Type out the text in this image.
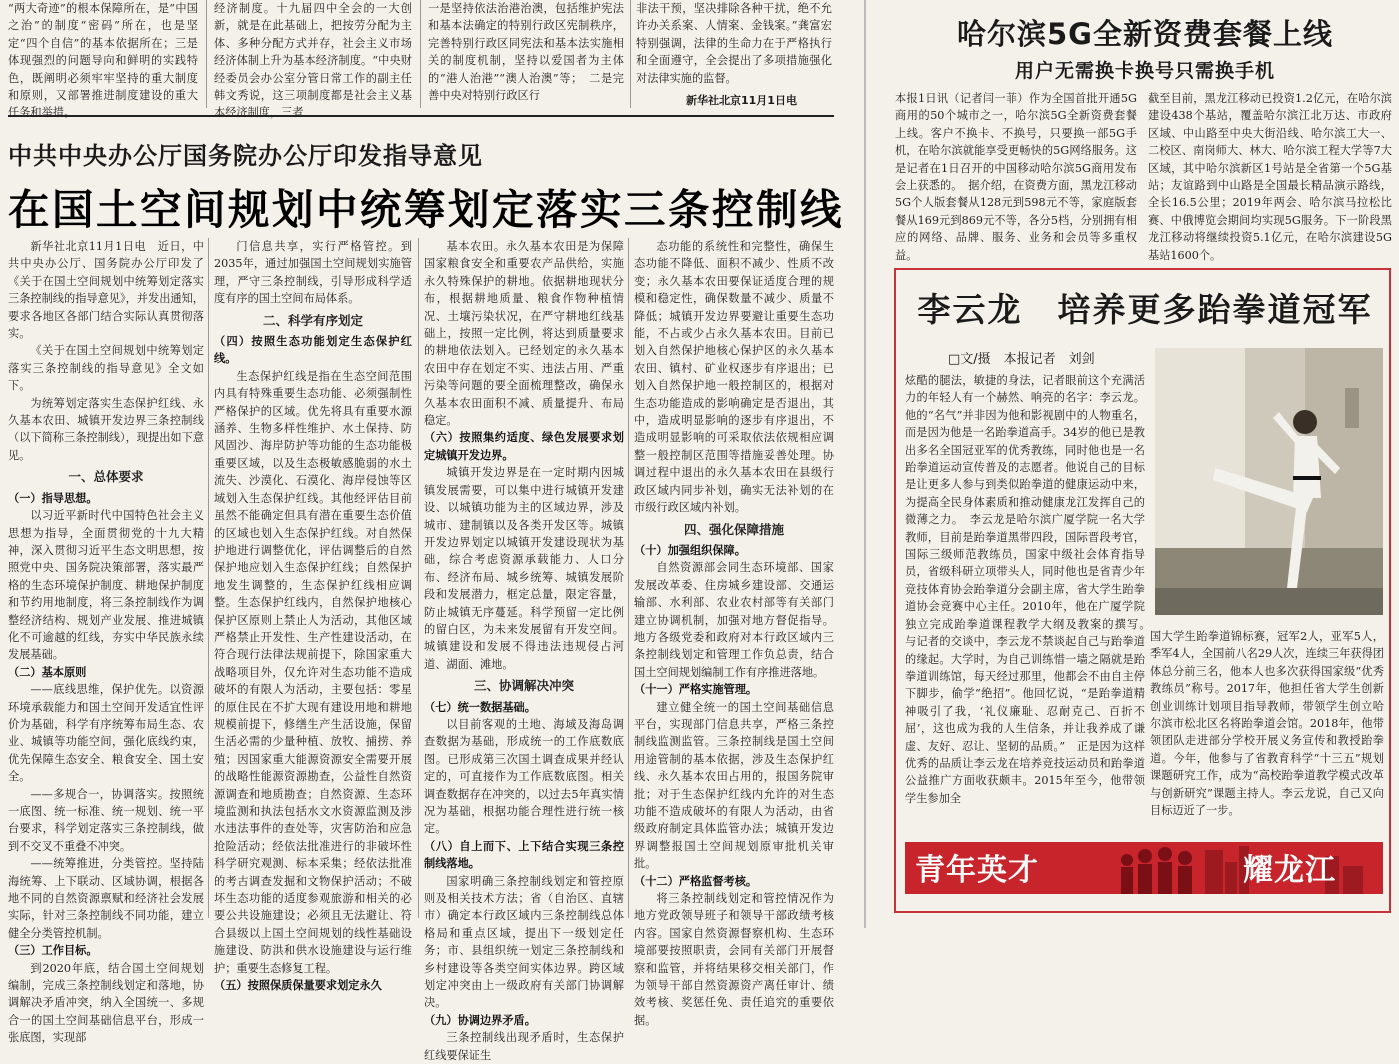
“两大奇迹”的根本保障所在，是“中国之治”的制度“密码”所在，也是坚定“四个自信”的基本依据所在；三是体现强烈的问题导向和鲜明的实践特色，既阐明必须牢牢坚持的重大制度和原则，又部署推进制度建设的重大任务和举措。
经济制度。十九届四中全会的一大创新，就是在此基础上，把按劳分配为主体、多种分配方式并存，社会主义市场经济体制上升为基本经济制度。“中央财经委员会办公室分管日常工作的副主任韩文秀说，这三项制度都是社会主义基本经济制度，三者
一是坚持依法治港治澳，包括维护宪法和基本法确定的特别行政区宪制秩序，完善特别行政区同宪法和基本法实施相关的制度机制，坚持以爱国者为主体的“港人治港”“澳人治澳”等；　二是完善中央对特别行政区行
非法干预，坚决排除各种干扰，绝不允许办关系案、人情案、金钱案。”龚富宏特别强调，法律的生命力在于严格执行和全面遵守，全会提出了多项措施强化对法律实施的监督。
新华社北京11月1日电
中共中央办公厅国务院办公厅印发指导意见
在国土空间规划中统筹划定落实三条控制线

新华社北京11月1日电　近日，中共中央办公厅、国务院办公厅印发了《关于在国土空间规划中统筹划定落实三条控制线的指导意见》，并发出通知，要求各地区各部门结合实际认真贯彻落实。

《关于在国土空间规划中统筹划定落实三条控制线的指导意见》全文如下。

为统筹划定落实生态保护红线、永久基本农田、城镇开发边界三条控制线（以下简称三条控制线），现提出如下意见。

一、总体要求

（一）指导思想。

以习近平新时代中国特色社会主义思想为指导，全面贯彻党的十九大精神，深入贯彻习近平生态文明思想，按照党中央、国务院决策部署，落实最严格的生态环境保护制度、耕地保护制度和节约用地制度，将三条控制线作为调整经济结构、规划产业发展、推进城镇化不可逾越的红线，夯实中华民族永续发展基础。

（二）基本原则

——底线思维，保护优先。以资源环境承载能力和国土空间开发适宜性评价为基础，科学有序统筹布局生态、农业、城镇等功能空间，强化底线约束，优先保障生态安全、粮食安全、国土安全。

——多规合一，协调落实。按照统一底图、统一标准、统一规划、统一平台要求，科学划定落实三条控制线，做到不交叉不重叠不冲突。

——统筹推进，分类管控。坚持陆海统筹、上下联动、区域协调，根据各地不同的自然资源禀赋和经济社会发展实际，针对三条控制线不同功能，建立健全分类管控机制。

（三）工作目标。

到2020年底，结合国土空间规划编制，完成三条控制线划定和落地，协调解决矛盾冲突，纳入全国统一、多规合一的国土空间基础信息平台，形成一张底图，实现部

门信息共享，实行严格管控。到2035年，通过加强国土空间规划实施管理，严守三条控制线，引导形成科学适度有序的国土空间布局体系。

二、科学有序划定

（四）按照生态功能划定生态保护红线。

生态保护红线是指在生态空间范围内具有特殊重要生态功能、必须强制性严格保护的区域。优先将具有重要水源涵养、生物多样性维护、水土保持、防风固沙、海岸防护等功能的生态功能极重要区域，以及生态极敏感脆弱的水土流失、沙漠化、石漠化、海岸侵蚀等区域划入生态保护红线。其他经评估目前虽然不能确定但具有潜在重要生态价值的区域也划入生态保护红线。对自然保护地进行调整优化，评估调整后的自然保护地应划入生态保护红线；自然保护地发生调整的，生态保护红线相应调整。生态保护红线内，自然保护地核心保护区原则上禁止人为活动，其他区域严格禁止开发性、生产性建设活动，在符合现行法律法规前提下，除国家重大战略项目外，仅允许对生态功能不造成破坏的有限人为活动，主要包括：零星的原住民在不扩大现有建设用地和耕地规模前提下，修缮生产生活设施，保留生活必需的少量种植、放牧、捕捞、养殖；因国家重大能源资源安全需要开展的战略性能源资源勘查，公益性自然资源调查和地质勘查；自然资源、生态环境监测和执法包括水文水资源监测及涉水违法事件的查处等，灾害防治和应急抢险活动；经依法批准进行的非破坏性科学研究观测、标本采集；经依法批准的考古调查发掘和文物保护活动；不破坏生态功能的适度参观旅游和相关的必要公共设施建设；必须且无法避让、符合县级以上国土空间规划的线性基础设施建设、防洪和供水设施建设与运行维护；重要生态修复工程。

（五）按照保质保量要求划定永久

基本农田。永久基本农田是为保障国家粮食安全和重要农产品供给，实施永久特殊保护的耕地。依据耕地现状分布，根据耕地质量、粮食作物种植情况、土壤污染状况，在严守耕地红线基础上，按照一定比例，将达到质量要求的耕地依法划入。已经划定的永久基本农田中存在划定不实、违法占用、严重污染等问题的要全面梳理整改，确保永久基本农田面积不减、质量提升、布局稳定。

（六）按照集约适度、绿色发展要求划定城镇开发边界。

城镇开发边界是在一定时期内因城镇发展需要，可以集中进行城镇开发建设、以城镇功能为主的区域边界，涉及城市、建制镇以及各类开发区等。城镇开发边界划定以城镇开发建设现状为基础，综合考虑资源承载能力、人口分布、经济布局、城乡统筹、城镇发展阶段和发展潜力，框定总量，限定容量，防止城镇无序蔓延。科学预留一定比例的留白区，为未来发展留有开发空间。城镇建设和发展不得违法违规侵占河道、湖面、滩地。

三、协调解决冲突

（七）统一数据基础。

以目前客观的土地、海域及海岛调查数据为基础，形成统一的工作底数底图。已形成第三次国土调查成果并经认定的，可直接作为工作底数底图。相关调查数据存在冲突的，以过去5年真实情况为基础，根据功能合理性进行统一核定。

（八）自上而下、上下结合实现三条控制线落地。

国家明确三条控制线划定和管控原则及相关技术方法；省（自治区、直辖市）确定本行政区域内三条控制线总体格局和重点区域，提出下一级划定任务；市、县组织统一划定三条控制线和乡村建设等各类空间实体边界。跨区域划定冲突由上一级政府有关部门协调解决。

（九）协调边界矛盾。

三条控制线出现矛盾时，生态保护红线要保证生

态功能的系统性和完整性，确保生态功能不降低、面积不减少、性质不改变；永久基本农田要保证适度合理的规模和稳定性，确保数量不减少、质量不降低；城镇开发边界要避让重要生态功能，不占或少占永久基本农田。目前已划入自然保护地核心保护区的永久基本农田、镇村、矿业权逐步有序退出；已划入自然保护地一般控制区的，根据对生态功能造成的影响确定是否退出，其中，造成明显影响的逐步有序退出，不造成明显影响的可采取依法依规相应调整一般控制区范围等措施妥善处理。协调过程中退出的永久基本农田在县级行政区域内同步补划，确实无法补划的在市级行政区域内补划。

四、强化保障措施

（十）加强组织保障。

自然资源部会同生态环境部、国家发展改革委、住房城乡建设部、交通运输部、水利部、农业农村部等有关部门建立协调机制，加强对地方督促指导。地方各级党委和政府对本行政区域内三条控制线划定和管理工作负总责，结合国土空间规划编制工作有序推进落地。

（十一）严格实施管理。

建立健全统一的国土空间基础信息平台，实现部门信息共享，严格三条控制线监测监管。三条控制线是国土空间用途管制的基本依据，涉及生态保护红线、永久基本农田占用的，报国务院审批；对于生态保护红线内允许的对生态功能不造成破坏的有限人为活动，由省级政府制定具体监管办法；城镇开发边界调整报国土空间规划原审批机关审批。

（十二）严格监督考核。

将三条控制线划定和管控情况作为地方党政领导班子和领导干部政绩考核内容。国家自然资源督察机构、生态环境部要按照职责，会同有关部门开展督察和监管，并将结果移交相关部门，作为领导干部自然资源资产离任审计、绩效考核、奖惩任免、责任追究的重要依据。

哈尔滨5G全新资费套餐上线
用户无需换卡换号只需换手机
本报1日讯（记者闫一菲）作为全国首批开通5G商用的50个城市之一，哈尔滨5G全新资费套餐上线。客户不换卡、不换号，只要换一部5G手机，在哈尔滨就能享受更畅快的5G网络服务。这是记者在1日召开的中国移动哈尔滨5G商用发布会上获悉的。　据介绍，在资费方面，黑龙江移动5G个人版套餐从128元到598元不等，家庭版套餐从169元到869元不等，各分5档，分别拥有相应的网络、品牌、服务、业务和会员等多重权益。
截至目前，黑龙江移动已投资1.2亿元，在哈尔滨建设438个基站，覆盖哈尔滨江北万达、市政府区域、中山路至中央大街沿线、哈尔滨工大一、二校区、南岗师大、林大、哈尔滨工程大学等7大区域，其中哈尔滨新区1号站是全省第一个5G基站；友谊路到中山路是全国最长精品演示路线，全长16.5公里；2019年两会、哈尔滨马拉松比赛、中俄博览会期间均实现5G服务。下一阶段黑龙江移动将继续投资5.1亿元，在哈尔滨建设5G基站1600个。
李云龙　培养更多跆拳道冠军
□文/摄　本报记者　刘剑
炫酷的腿法，敏捷的身法，记者眼前这个充满活力的年轻人有一个赫然、响亮的名字：李云龙。他的“名气”并非因为他和影视剧中的人物重名，而是因为他是一名跆拳道高手。34岁的他已是教出多名全国冠亚军的优秀教练，同时他也是一名跆拳道运动宣传普及的志愿者。他说自己的目标是让更多人参与到类似跆拳道的健康运动中来，为提高全民身体素质和推动健康龙江发挥自己的微薄之力。　李云龙是哈尔滨广厦学院一名大学教师，目前是跆拳道黑带四段，国际晋段考官，国际三级师范教练员，国家中级社会体育指导员，省级科研立项带头人，同时他也是省青少年竞技体育协会跆拳道分会副主席，省大学生跆拳道协会竞赛中心主任。2010年，他在广厦学院独立完成跆拳道课程教学大纲及教案的撰写。　与记者的交谈中，李云龙不禁谈起自己与跆拳道的缘起。大学时，为自己训练惜一墙之隔就是跆拳道训练馆，每天经过那里，他都会不由自主停下脚步，偷学“绝招”。他回忆说，“是跆拳道精神吸引了我，‘礼仪廉耻、忍耐克己、百折不屈’，这也成为我的人生信条，并让我养成了谦虚、友好、忍让、坚韧的品质。”　正是因为这样优秀的品质让李云龙在培养竞技运动员和跆拳道公益推广方面收获颇丰。2015年至今，他带领学生参加全
国大学生跆拳道锦标赛，冠军2人，亚军5人，季军4人，全国前八名29人次，连续三年获得团体总分前三名，他本人也多次获得国家级“优秀教练员”称号。2017年，他担任省大学生创新创业训练计划项目指导教师，带领学生创立哈尔滨市松北区名将跆拳道会馆。2018年，他带领团队走进部分学校开展义务宣传和教授跆拳道。今年，他参与了省教育科学“十三五”规划课题研究工作，成为“高校跆拳道教学模式改革与创新研究”课题主持人。李云龙说，自己又向目标迈近了一步。
青年英才	耀龙江
